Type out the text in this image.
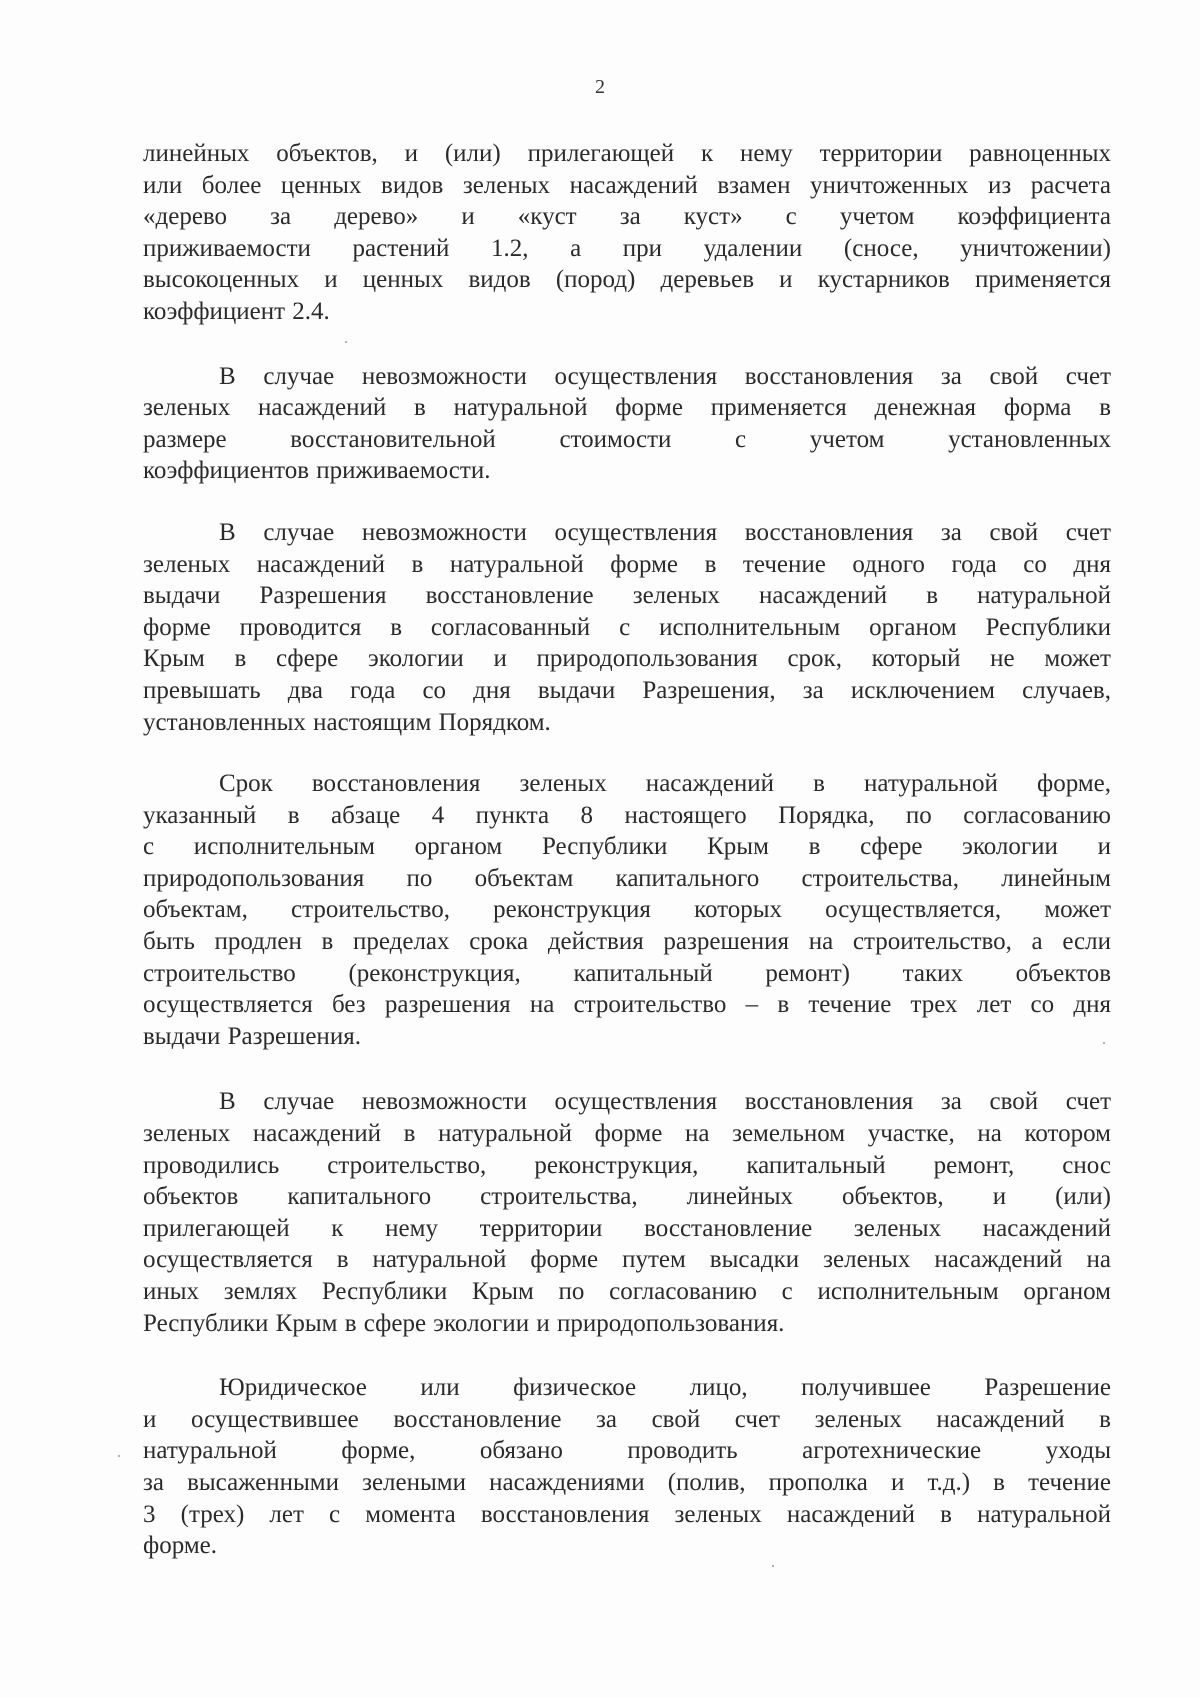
2

линейных объектов, и (или) прилегающей к нему территории равноценных
или более ценных видов зеленых насаждений взамен уничтоженных из расчета
«дерево за дерево» и «куст за куст» с учетом коэффициента
приживаемости растений 1.2, а при удалении (сносе, уничтожении)
высокоценных и ценных видов (пород) деревьев и кустарников применяется
коэффициент 2.4.

В случае невозможности осуществления восстановления за свой счет
зеленых насаждений в натуральной форме применяется денежная форма в
размере восстановительной стоимости с учетом установленных
коэффициентов приживаемости.

В случае невозможности осуществления восстановления за свой счет
зеленых насаждений в натуральной форме в течение одного года со дня
выдачи Разрешения восстановление зеленых насаждений в натуральной
форме проводится в согласованный с исполнительным органом Республики
Крым в сфере экологии и природопользования срок, который не может
превышать два года со дня выдачи Разрешения, за исключением случаев,
установленных настоящим Порядком.

Срок восстановления зеленых насаждений в натуральной форме,
указанный в абзаце 4 пункта 8 настоящего Порядка, по согласованию
с исполнительным органом Республики Крым в сфере экологии и
природопользования по объектам капитального строительства, линейным
объектам, строительство, реконструкция которых осуществляется, может
быть продлен в пределах срока действия разрешения на строительство, а если
строительство (реконструкция, капитальный ремонт) таких объектов
осуществляется без разрешения на строительство – в течение трех лет со дня
выдачи Разрешения.

В случае невозможности осуществления восстановления за свой счет
зеленых насаждений в натуральной форме на земельном участке, на котором
проводились строительство, реконструкция, капитальный ремонт, снос
объектов капитального строительства, линейных объектов, и (или)
прилегающей к нему территории восстановление зеленых насаждений
осуществляется в натуральной форме путем высадки зеленых насаждений на
иных землях Республики Крым по согласованию с исполнительным органом
Республики Крым в сфере экологии и природопользования.

Юридическое или физическое лицо, получившее Разрешение
и осуществившее восстановление за свой счет зеленых насаждений в
натуральной форме, обязано проводить агротехнические уходы
за высаженными зелеными насаждениями (полив, прополка и т.д.) в течение
3 (трех) лет с момента восстановления зеленых насаждений в натуральной
форме.
